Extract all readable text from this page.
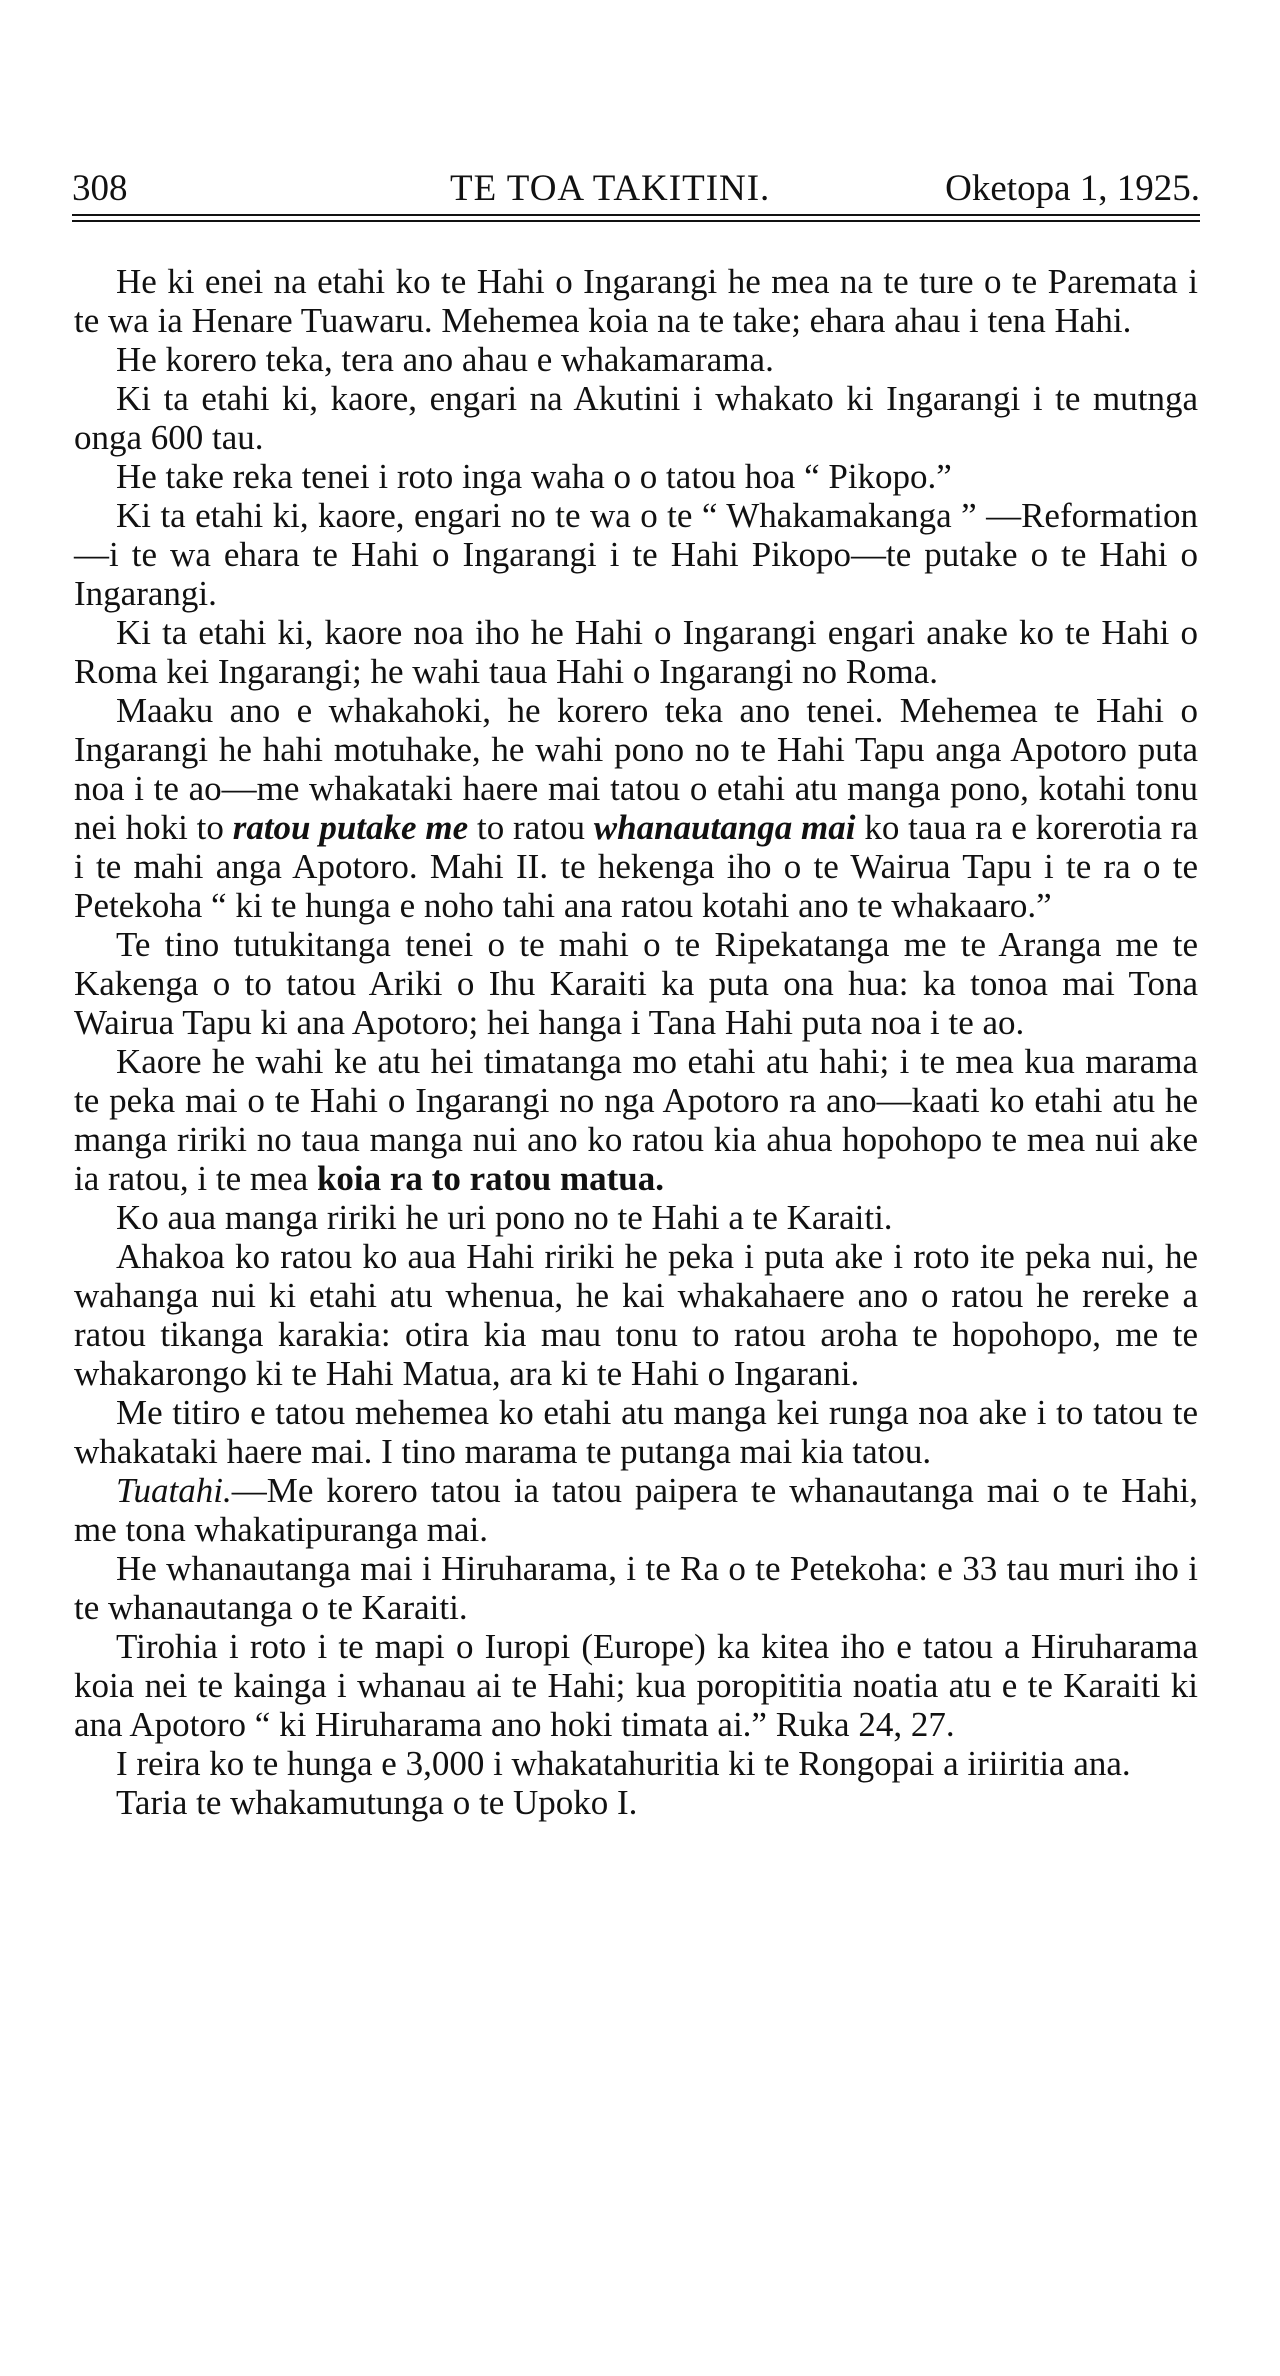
308	TE TOA TAKITINI.	Oketopa 1, 1925.

He ki enei na etahi ko te Hahi o Ingarangi he mea na te ture o te Paremata i te wa ia Henare Tuawaru. Mehemea koia na te take; ehara ahau i tena Hahi.

He korero teka, tera ano ahau e whakamarama.

Ki ta etahi ki, kaore, engari na Akutini i whakato ki Ingarangi i te mutnga onga 600 tau.

He take reka tenei i roto inga waha o o tatou hoa “ Pikopo.”

Ki ta etahi ki, kaore, engari no te wa o te “ Whakamakanga ” —Reformation—i te wa ehara te Hahi o Ingarangi i te Hahi Pikopo—te putake o te Hahi o Ingarangi.

Ki ta etahi ki, kaore noa iho he Hahi o Ingarangi engari anake ko te Hahi o Roma kei Ingarangi; he wahi taua Hahi o Ingarangi no Roma.

Maaku ano e whakahoki, he korero teka ano tenei. Mehemea te Hahi o Ingarangi he hahi motuhake, he wahi pono no te Hahi Tapu anga Apotoro puta noa i te ao—me whakataki haere mai tatou o etahi atu manga pono, kotahi tonu nei hoki to ratou putake me to ratou whanautanga mai ko taua ra e korerotia ra i te mahi anga Apotoro. Mahi II. te hekenga iho o te Wairua Tapu i te ra o te Petekoha “ ki te hunga e noho tahi ana ratou kotahi ano te whakaaro.”

Te tino tutukitanga tenei o te mahi o te Ripekatanga me te Aranga me te Kakenga o to tatou Ariki o Ihu Karaiti ka puta ona hua: ka tonoa mai Tona Wairua Tapu ki ana Apotoro; hei hanga i Tana Hahi puta noa i te ao.

Kaore he wahi ke atu hei timatanga mo etahi atu hahi; i te mea kua marama te peka mai o te Hahi o Ingarangi no nga Apotoro ra ano—kaati ko etahi atu he manga ririki no taua manga nui ano ko ratou kia ahua hopohopo te mea nui ake ia ratou, i te mea koia ra to ratou matua.

Ko aua manga ririki he uri pono no te Hahi a te Karaiti.

Ahakoa ko ratou ko aua Hahi ririki he peka i puta ake i roto ite peka nui, he wahanga nui ki etahi atu whenua, he kai whakahaere ano o ratou he rereke a ratou tikanga karakia: otira kia mau tonu to ratou aroha te hopohopo, me te whakarongo ki te Hahi Matua, ara ki te Hahi o Ingarani.

Me titiro e tatou mehemea ko etahi atu manga kei runga noa ake i to tatou te whakataki haere mai. I tino marama te putanga mai kia tatou.

Tuatahi.—Me korero tatou ia tatou paipera te whanautanga mai o te Hahi, me tona whakatipuranga mai.

He whanautanga mai i Hiruharama, i te Ra o te Petekoha: e 33 tau muri iho i te whanautanga o te Karaiti.

Tirohia i roto i te mapi o Iuropi (Europe) ka kitea iho e tatou a Hiruharama koia nei te kainga i whanau ai te Hahi; kua poropititia noatia atu e te Karaiti ki ana Apotoro “ ki Hiruharama ano hoki timata ai.” Ruka 24, 27.

I reira ko te hunga e 3,000 i whakatahuritia ki te Rongopai a iriiritia ana.

Taria te whakamutunga o te Upoko I.
